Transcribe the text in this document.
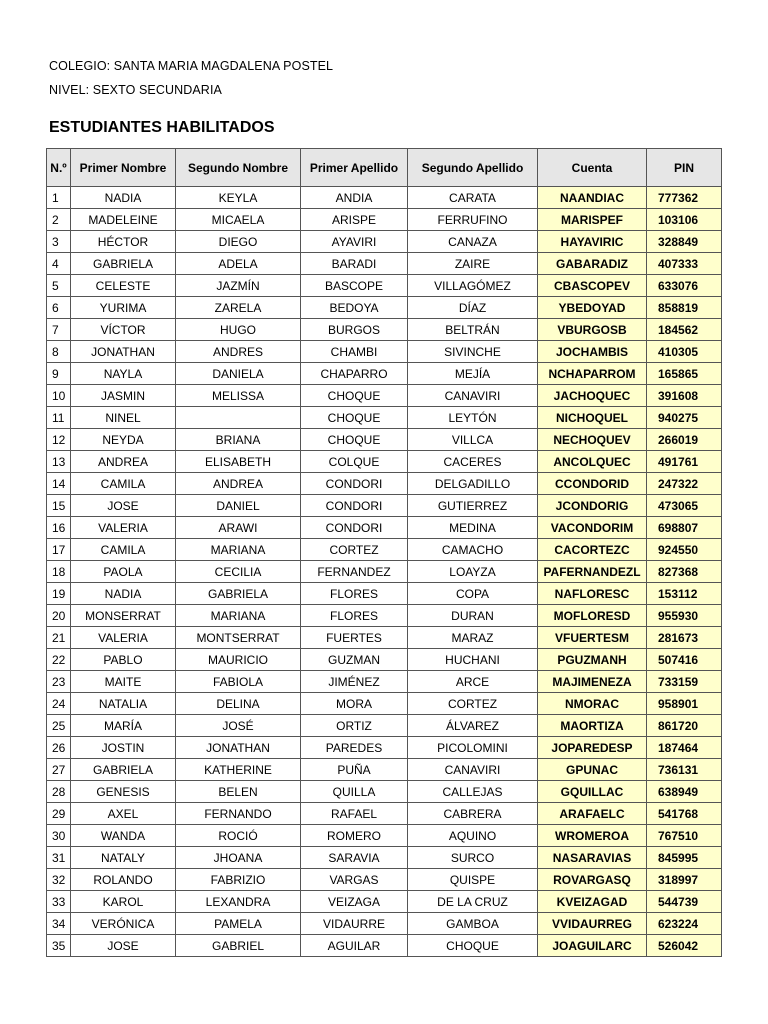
COLEGIO: SANTA MARIA MAGDALENA POSTEL
NIVEL: SEXTO SECUNDARIA
ESTUDIANTES HABILITADOS
N.º	Primer Nombre	Segundo Nombre	Primer Apellido	Segundo Apellido	Cuenta	PIN
1	NADIA	KEYLA	ANDIA	CARATA	NAANDIAC	777362
2	MADELEINE	MICAELA	ARISPE	FERRUFINO	MARISPEF	103106
3	HÉCTOR	DIEGO	AYAVIRI	CANAZA	HAYAVIRIC	328849
4	GABRIELA	ADELA	BARADI	ZAIRE	GABARADIZ	407333
5	CELESTE	JAZMÍN	BASCOPE	VILLAGÓMEZ	CBASCOPEV	633076
6	YURIMA	ZARELA	BEDOYA	DÍAZ	YBEDOYAD	858819
7	VÍCTOR	HUGO	BURGOS	BELTRÁN	VBURGOSB	184562
8	JONATHAN	ANDRES	CHAMBI	SIVINCHE	JOCHAMBIS	410305
9	NAYLA	DANIELA	CHAPARRO	MEJÍA	NCHAPARROM	165865
10	JASMIN	MELISSA	CHOQUE	CANAVIRI	JACHOQUEC	391608
11	NINEL		CHOQUE	LEYTÓN	NICHOQUEL	940275
12	NEYDA	BRIANA	CHOQUE	VILLCA	NECHOQUEV	266019
13	ANDREA	ELISABETH	COLQUE	CACERES	ANCOLQUEC	491761
14	CAMILA	ANDREA	CONDORI	DELGADILLO	CCONDORID	247322
15	JOSE	DANIEL	CONDORI	GUTIERREZ	JCONDORIG	473065
16	VALERIA	ARAWI	CONDORI	MEDINA	VACONDORIM	698807
17	CAMILA	MARIANA	CORTEZ	CAMACHO	CACORTEZC	924550
18	PAOLA	CECILIA	FERNANDEZ	LOAYZA	PAFERNANDEZL	827368
19	NADIA	GABRIELA	FLORES	COPA	NAFLORESC	153112
20	MONSERRAT	MARIANA	FLORES	DURAN	MOFLORESD	955930
21	VALERIA	MONTSERRAT	FUERTES	MARAZ	VFUERTESM	281673
22	PABLO	MAURICIO	GUZMAN	HUCHANI	PGUZMANH	507416
23	MAITE	FABIOLA	JIMÉNEZ	ARCE	MAJIMENEZA	733159
24	NATALIA	DELINA	MORA	CORTEZ	NMORAC	958901
25	MARÍA	JOSÉ	ORTIZ	ÁLVAREZ	MAORTIZA	861720
26	JOSTIN	JONATHAN	PAREDES	PICOLOMINI	JOPAREDESP	187464
27	GABRIELA	KATHERINE	PUÑA	CANAVIRI	GPUNAC	736131
28	GENESIS	BELEN	QUILLA	CALLEJAS	GQUILLAC	638949
29	AXEL	FERNANDO	RAFAEL	CABRERA	ARAFAELC	541768
30	WANDA	ROCIÓ	ROMERO	AQUINO	WROMEROA	767510
31	NATALY	JHOANA	SARAVIA	SURCO	NASARAVIAS	845995
32	ROLANDO	FABRIZIO	VARGAS	QUISPE	ROVARGASQ	318997
33	KAROL	LEXANDRA	VEIZAGA	DE LA CRUZ	KVEIZAGAD	544739
34	VERÓNICA	PAMELA	VIDAURRE	GAMBOA	VVIDAURREG	623224
35	JOSE	GABRIEL	AGUILAR	CHOQUE	JOAGUILARC	526042
